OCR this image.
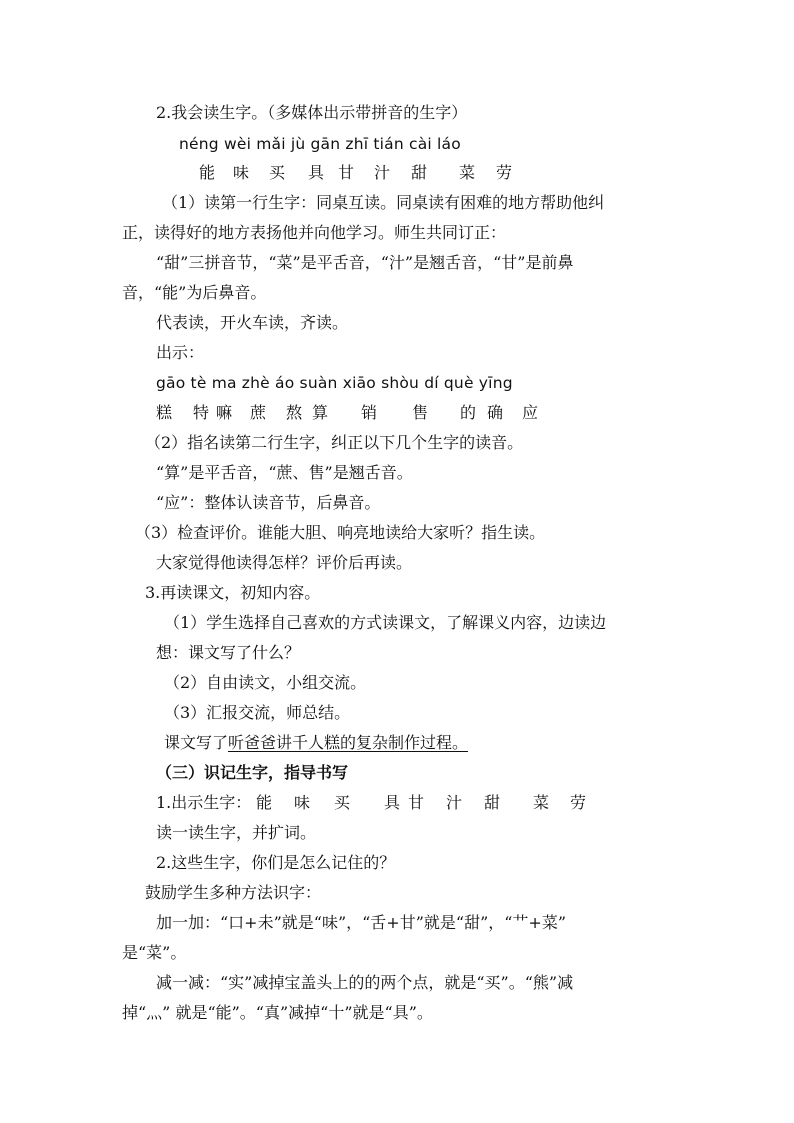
2.我会读生字。（多媒体出示带拼音的生字）
néng wèi mǎi jù gān zhī tián cài láo
能 味 买 具 甘 汁 甜 菜 劳
（1）读第一行生字：同桌互读。同桌读有困难的地方帮助他纠
正，读得好的地方表扬他并向他学习。师生共同订正：
“甜”三拼音节，“菜”是平舌音，“汁”是翘舌音，“甘”是前鼻
音，“能”为后鼻音。
代表读，开火车读，齐读。
出示：
gāo tè ma zhè áo suàn xiāo shòu dí què yīng
糕 特 嘛 蔗 熬 算 销 售 的 确 应
（2）指名读第二行生字，纠正以下几个生字的读音。
“算”是平舌音，“蔗、售”是翘舌音。
“应”：整体认读音节，后鼻音。
（3）检查评价。谁能大胆、响亮地读给大家听？指生读。
大家觉得他读得怎样？评价后再读。
3.再读课文，初知内容。
（1）学生选择自己喜欢的方式读课文，了解课义内容，边读边
想：课文写了什么？
（2）自由读文，小组交流。
（3）汇报交流，师总结。
课文写了听爸爸讲千人糕的复杂制作过程。
（三）识记生字，指导书写
1.出示生字： 能 味 买 具 甘 汁 甜 菜 劳
读一读生字，并扩词。
2.这些生字，你们是怎么记住的？
鼓励学生多种方法识字：
加一加：“口+未”就是“味”，“舌+甘”就是“甜”，“艹+菜”
是“菜”。
减一减：“实”减掉宝盖头上的的两个点，就是“买”。“熊”减
掉“灬” 就是“能”。“真”减掉“十”就是“具”。
